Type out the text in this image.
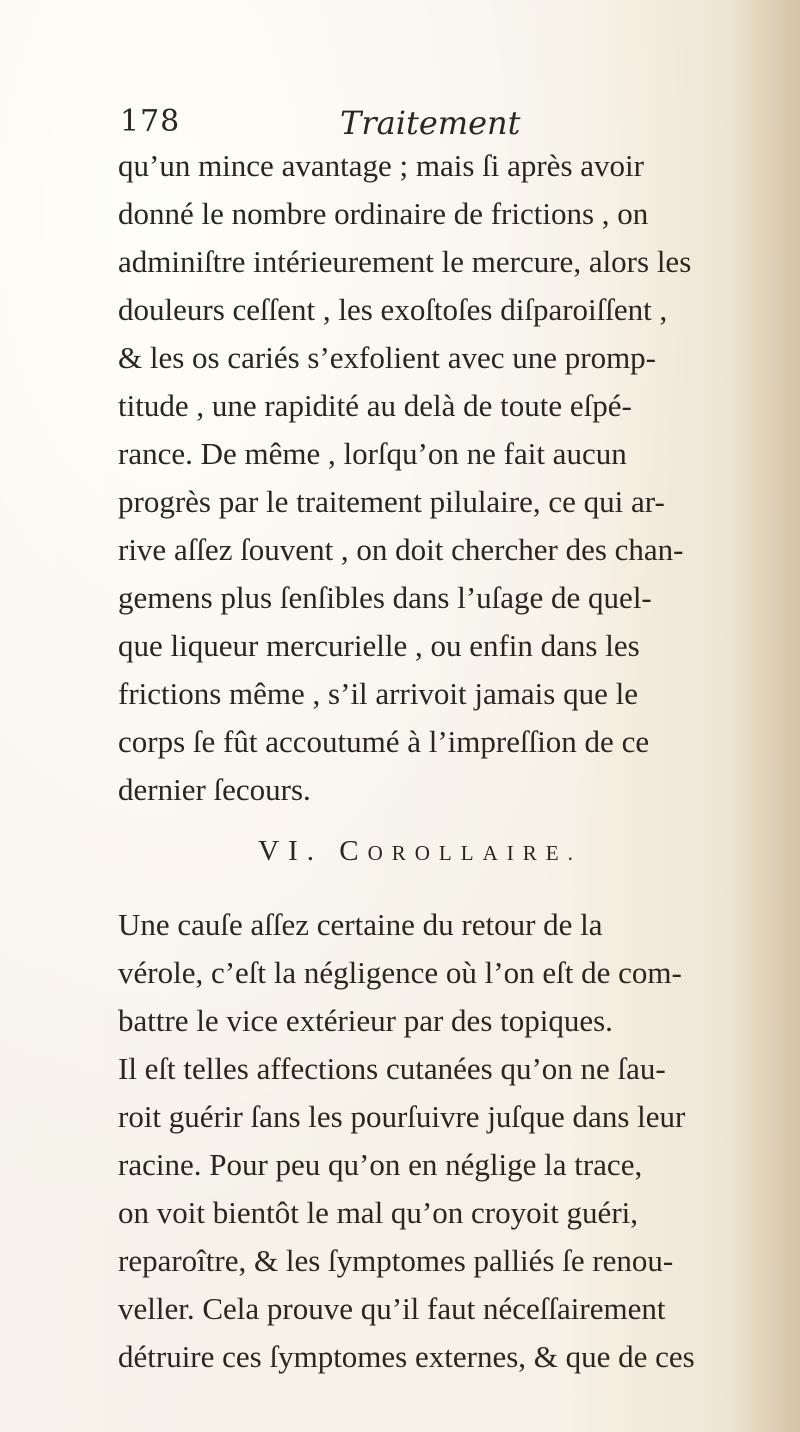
178	Traitement
qu’un mince avantage ; mais ſi après avoir
donné le nombre ordinaire de frictions , on
adminiſtre intérieurement le mercure, alors les
douleurs ceſſent , les exoſtoſes diſparoiſſent ,
& les os cariés s’exfolient avec une promp-
titude , une rapidité au delà de toute eſpé-
rance. De même , lorſqu’on ne fait aucun
progrès par le traitement pilulaire, ce qui ar-
rive aſſez ſouvent , on doit chercher des chan-
gemens plus ſenſibles dans l’uſage de quel-
que liqueur mercurielle , ou enfin dans les
frictions même , s’il arrivoit jamais que le
corps ſe fût accoutumé à l’impreſſion de ce
dernier ſecours.
VI. COROLLAIRE.
Une cauſe aſſez certaine du retour de la
vérole, c’eſt la négligence où l’on eſt de com-
battre le vice extérieur par des topiques.
Il eſt telles affections cutanées qu’on ne ſau-
roit guérir ſans les pourſuivre juſque dans leur
racine. Pour peu qu’on en néglige la trace,
on voit bientôt le mal qu’on croyoit guéri,
reparoître, & les ſymptomes palliés ſe renou-
veller. Cela prouve qu’il faut néceſſairement
détruire ces ſymptomes externes, & que de ces
